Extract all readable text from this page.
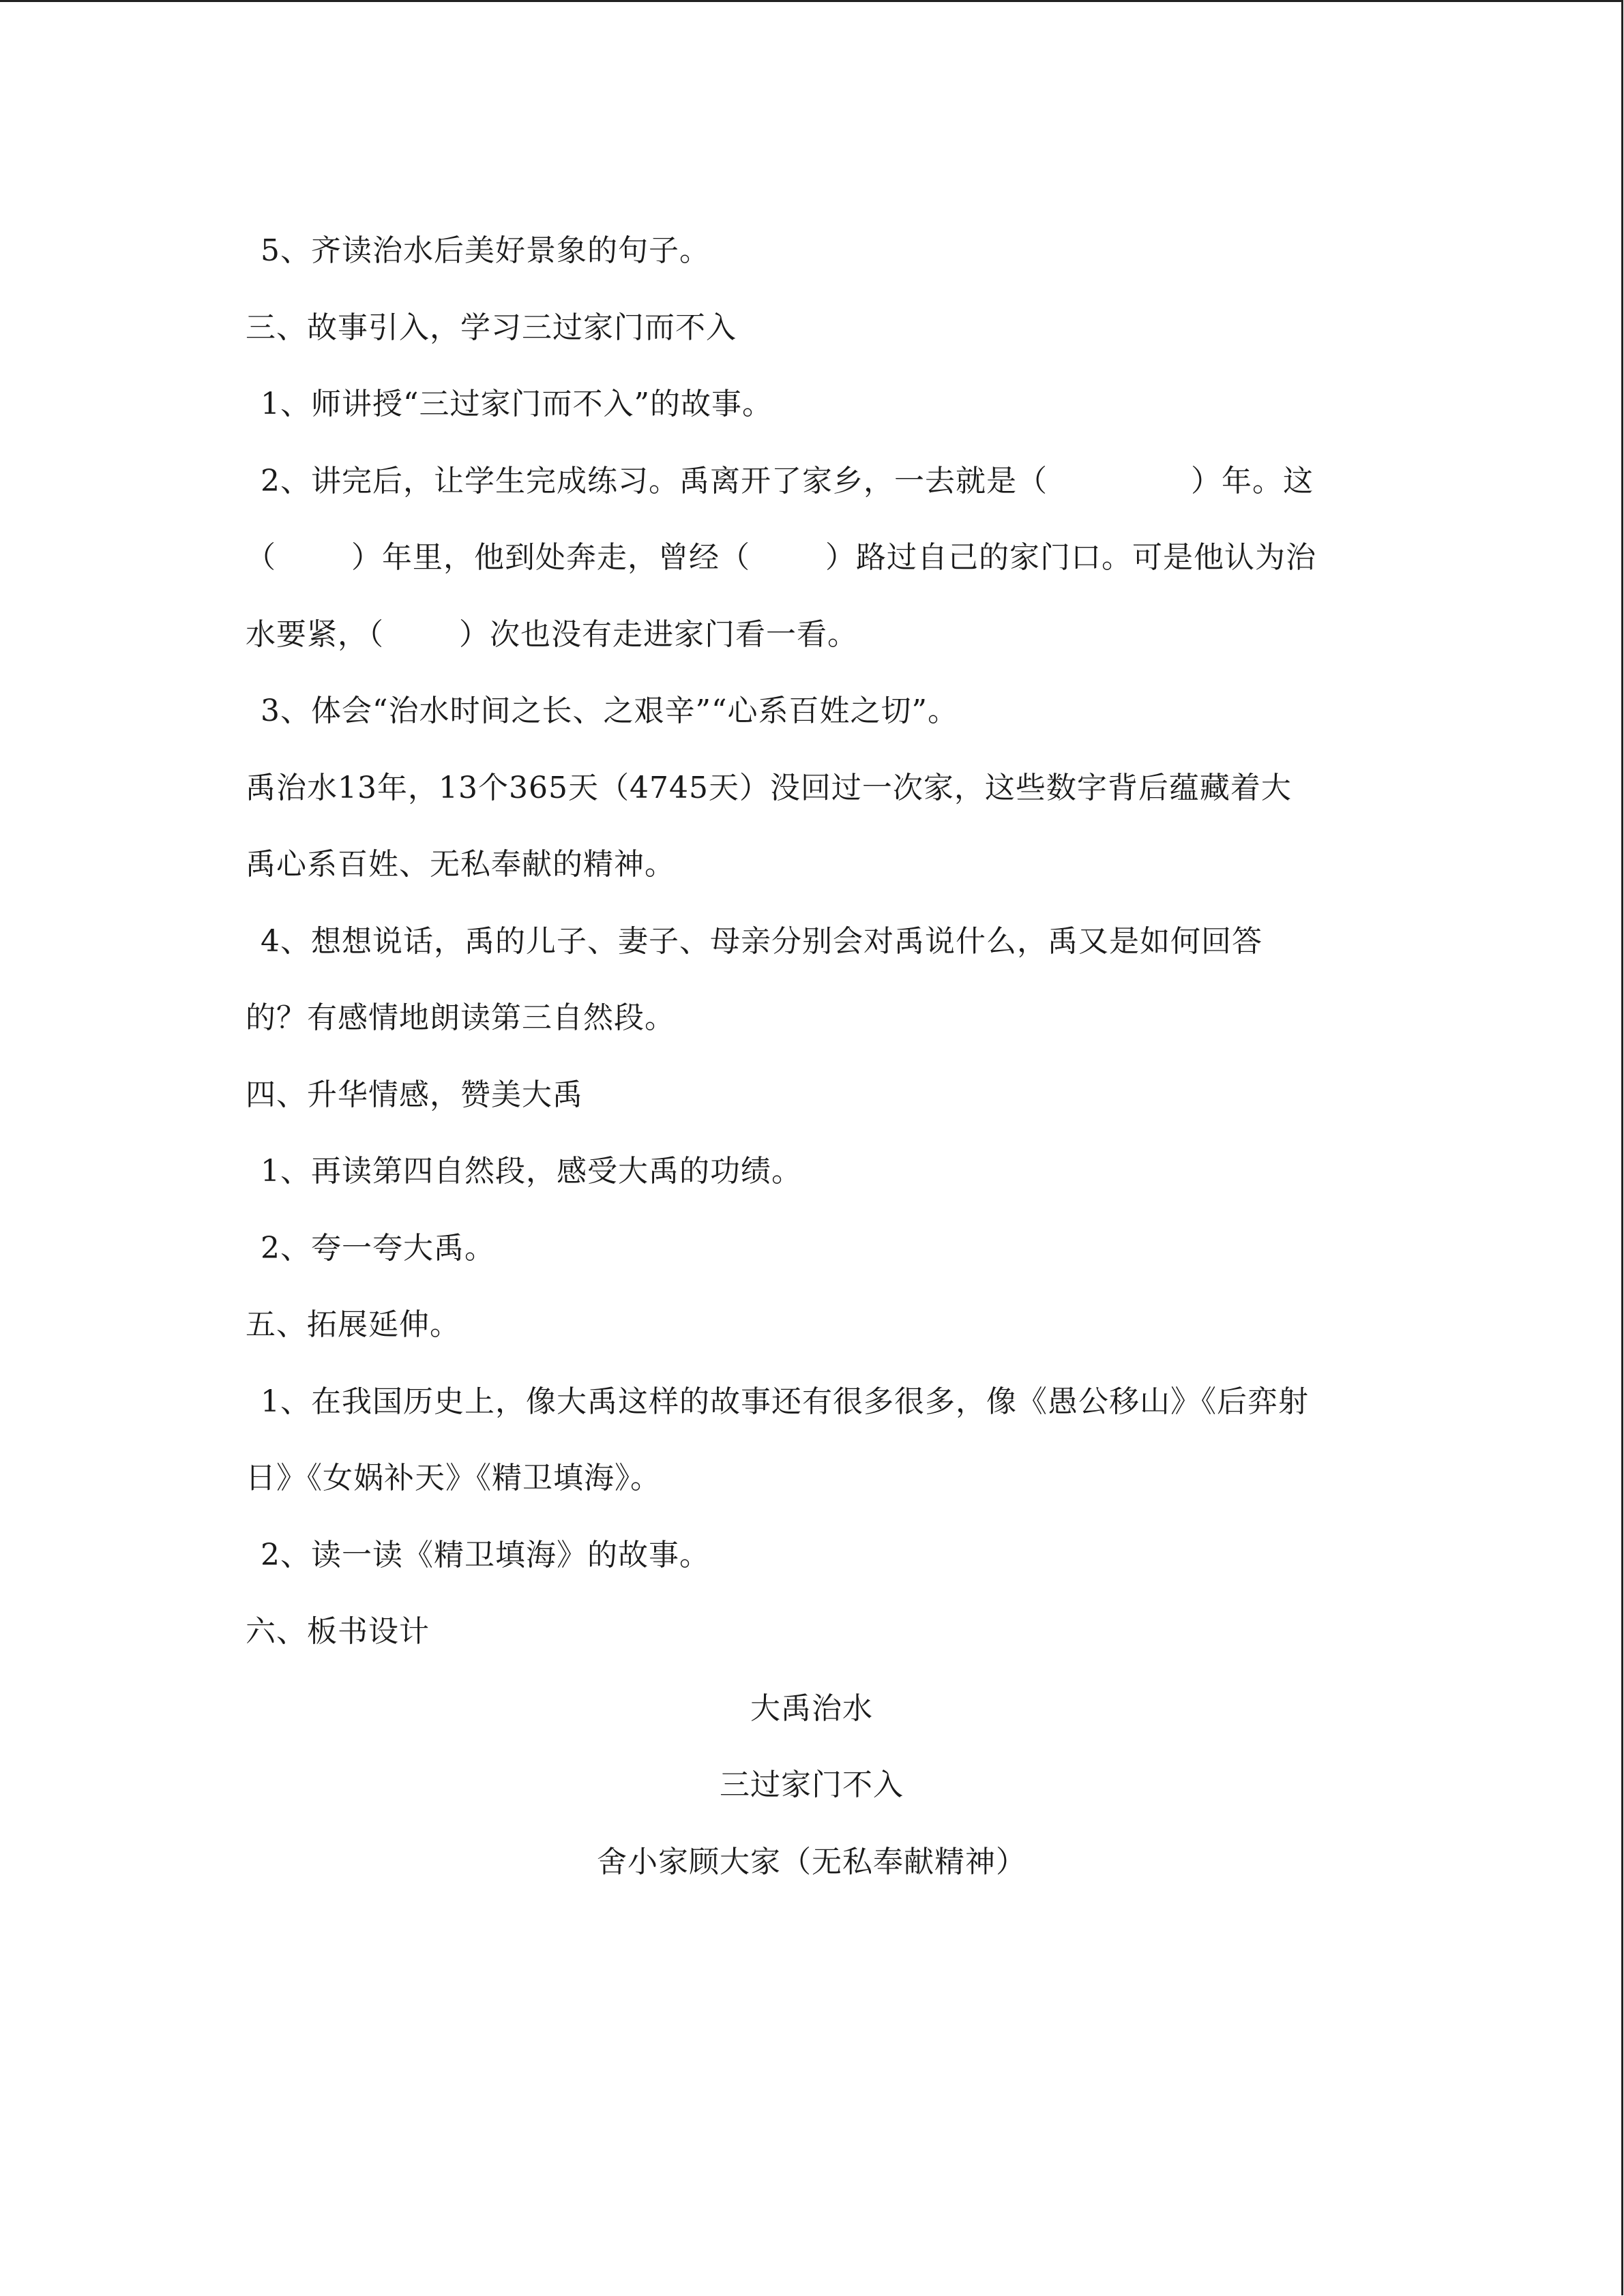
5、齐读治水后美好景象的句子。
三、故事引入，学习三过家门而不入
1、师讲授“三过家门而不入”的故事。
2、讲完后，让学生完成练习。禹离开了家乡，一去就是（	）年。这
（	）年里，他到处奔走，曾经（	）路过自己的家门口。可是他认为治
水要紧，（	）次也没有走进家门看一看。
3、体会“治水时间之长、之艰辛”“心系百姓之切”。
禹治水13年，13个365天（4745天）没回过一次家，这些数字背后蕴藏着大
禹心系百姓、无私奉献的精神。
4、想想说话，禹的儿子、妻子、母亲分别会对禹说什么，禹又是如何回答
的？有感情地朗读第三自然段。
四、升华情感，赞美大禹
1、再读第四自然段，感受大禹的功绩。
2、夸一夸大禹。
五、拓展延伸。
1、在我国历史上，像大禹这样的故事还有很多很多，像《愚公移山》《后弈射
日》《女娲补天》《精卫填海》。
2、读一读《精卫填海》的故事。
六、板书设计
大禹治水
三过家门不入
舍小家顾大家（无私奉献精神）
